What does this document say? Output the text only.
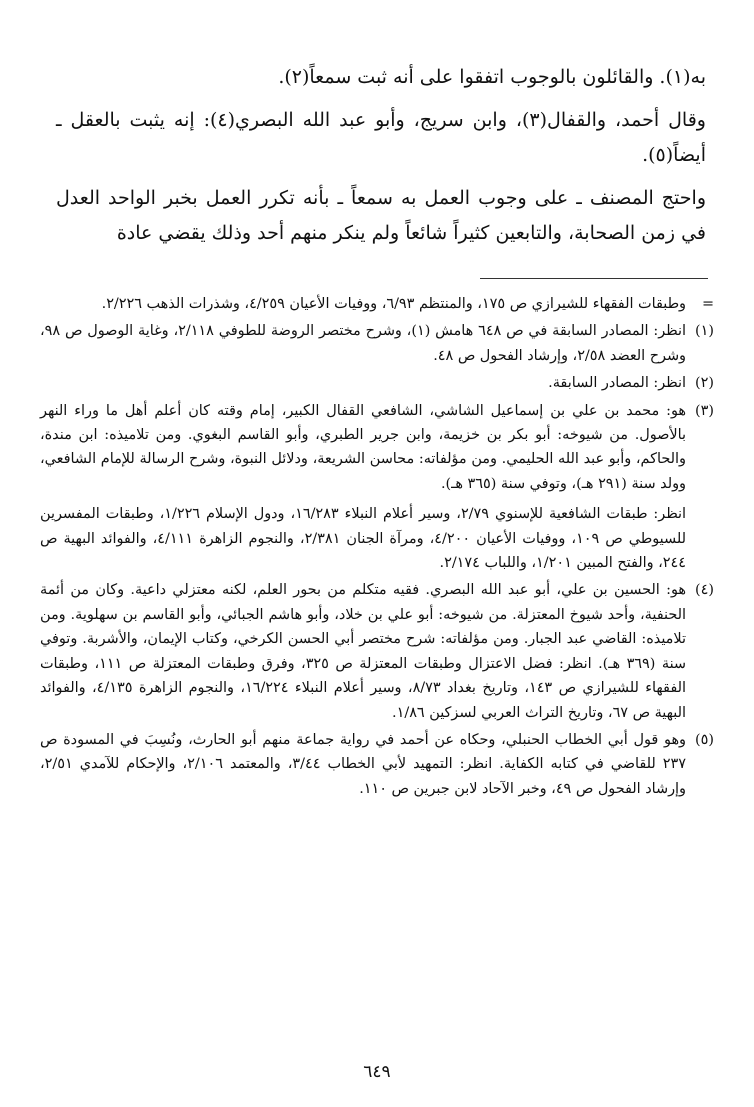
به(١). والقائلون بالوجوب اتفقوا على أنه ثبت سمعاً(٢).

وقال أحمد، والقفال(٣)، وابن سريج، وأبو عبد الله البصري(٤): إنه يثبت بالعقل ـ أيضاً(٥).

واحتج المصنف ـ على وجوب العمل به سمعاً ـ بأنه تكرر العمل بخبر الواحد العدل في زمن الصحابة، والتابعين كثيراً شائعاً ولم ينكر منهم أحد وذلك يقضي عادة

=
وطبقات الفقهاء للشيرازي ص ١٧٥، والمنتظم ٦/٩٣، ووفيات الأعيان ٤/٢٥٩، وشذرات الذهب ٢/٢٢٦.
(١)
انظر: المصادر السابقة في ص ٦٤٨ هامش (١)، وشرح مختصر الروضة للطوفي ٢/١١٨، وغاية الوصول ص ٩٨، وشرح العضد ٢/٥٨، وإرشاد الفحول ص ٤٨.
(٢)
انظر: المصادر السابقة.
(٣)
هو: محمد بن علي بن إسماعيل الشاشي، الشافعي القفال الكبير، إمام وقته كان أعلم أهل ما وراء النهر بالأصول. من شيوخه: أبو بكر بن خزيمة، وابن جرير الطبري، وأبو القاسم البغوي. ومن تلاميذه: ابن مندة، والحاكم، وأبو عبد الله الحليمي. ومن مؤلفاته: محاسن الشريعة، ودلائل النبوة، وشرح الرسالة للإمام الشافعي، وولد سنة (٢٩١ هـ)، وتوفي سنة (٣٦٥ هـ).
انظر: طبقات الشافعية للإسنوي ٢/٧٩، وسير أعلام النبلاء ١٦/٢٨٣، ودول الإسلام ١/٢٢٦، وطبقات المفسرين للسيوطي ص ١٠٩، ووفيات الأعيان ٤/٢٠٠، ومرآة الجنان ٢/٣٨١، والنجوم الزاهرة ٤/١١١، والفوائد البهية ص ٢٤٤، والفتح المبين ١/٢٠١، واللباب ٢/١٧٤.
(٤)
هو: الحسين بن علي، أبو عبد الله البصري. فقيه متكلم من بحور العلم، لكنه معتزلي داعية. وكان من أئمة الحنفية، وأحد شيوخ المعتزلة. من شيوخه: أبو علي بن خلاد، وأبو هاشم الجبائي، وأبو القاسم بن سهلوية. ومن تلاميذه: القاضي عبد الجبار. ومن مؤلفاته: شرح مختصر أبي الحسن الكرخي، وكتاب الإيمان، والأشربة. وتوفي سنة (٣٦٩ هـ). انظر: فضل الاعتزال وطبقات المعتزلة ص ٣٢٥، وفرق وطبقات المعتزلة ص ١١١، وطبقات الفقهاء للشيرازي ص ١٤٣، وتاريخ بغداد ٨/٧٣، وسير أعلام النبلاء ١٦/٢٢٤، والنجوم الزاهرة ٤/١٣٥، والفوائد البهية ص ٦٧، وتاريخ التراث العربي لسزكين ١/٨٦.
(٥)
وهو قول أبي الخطاب الحنبلي، وحكاه عن أحمد في رواية جماعة منهم أبو الحارث، ونُسِبَ في المسودة ص ٢٣٧ للقاضي في كتابه الكفاية. انظر: التمهيد لأبي الخطاب ٣/٤٤، والمعتمد ٢/١٠٦، والإحكام للآمدي ٢/٥١، وإرشاد الفحول ص ٤٩، وخبر الآحاد لابن جبرين ص ١١٠.
٦٤٩
